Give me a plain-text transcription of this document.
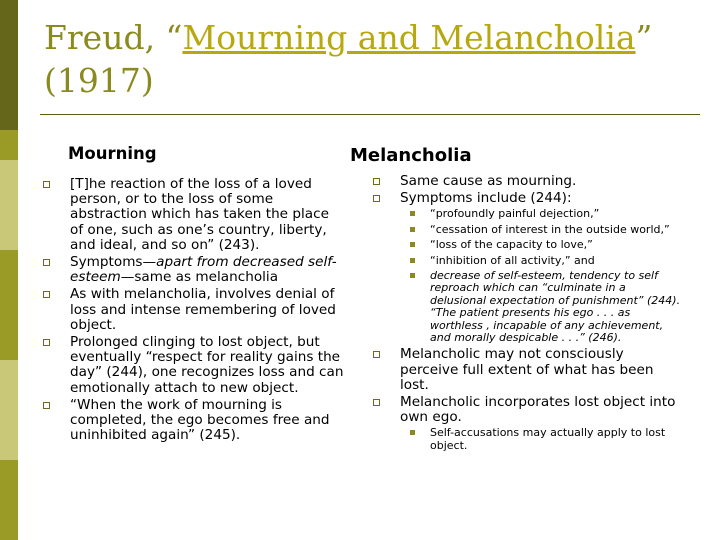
Freud, “Mourning and Melancholia” (1917)
Mourning	Melancholia
[T]he reaction of the loss of a loved person, or to the loss of some abstraction which has taken the place of one, such as one’s country, liberty, and ideal, and so on” (243).
Symptoms—apart from decreased self-esteem—same as melancholia
As with melancholia, involves denial of loss and intense remembering of loved object.
Prolonged clinging to lost object, but eventually “respect for reality gains the day” (244), one recognizes loss and can emotionally attach to new object.
“When the work of mourning is completed, the ego becomes free and uninhibited again” (245).
Same cause as mourning.
Symptoms include (244):
“profoundly painful dejection,”
“cessation of interest in the outside world,”
“loss of the capacity to love,”
“inhibition of all activity,” and
decrease of self-esteem, tendency to self reproach which can “culminate in a delusional expectation of punishment” (244). “The patient presents his ego . . . as worthless , incapable of any achievement, and morally despicable . . .” (246).
Melancholic may not consciously perceive full extent of what has been lost.
Melancholic incorporates lost object into own ego.
Self-accusations may actually apply to lost object.
